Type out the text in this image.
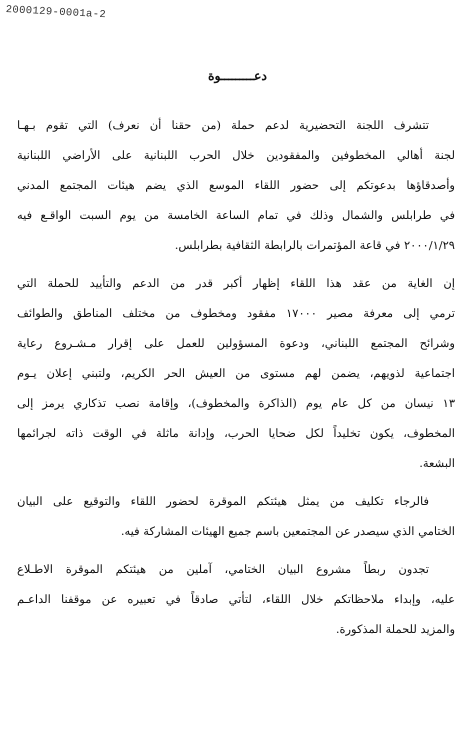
2000129-0001a-2
دعـــــــــوة

تتشرف اللجنة التحضيرية لدعم حملة (من حقنا أن نعرف) التي تقوم بـهـا
لجنة أهالي المخطوفين والمفقودين خلال الحرب اللبنانية على الأراضي اللبنانية
وأصدقاؤها بدعوتكم إلى حضور اللقاء الموسع الذي يضم هيئات المجتمع المدني
في طرابلس والشمال وذلك في تمام الساعة الخامسة من يوم السبت الواقـع فيه
٢٠٠٠/١/٢٩ في قاعة المؤتمرات بالرابطة الثقافية بطرابلس.

إن الغاية من عقد هذا اللقاء إظهار أكبر قدر من الدعم والتأييد للحملة التي
ترمي إلى معرفة مصير ١٧٠٠٠ مفقود ومخطوف من مختلف المناطق والطوائف
وشرائح المجتمع اللبناني، ودعوة المسؤولين للعمل على إقرار مـشـروع رعاية
اجتماعية لذويهم، يضمن لهم مستوى من العيش الحر الكريم، ولتبني إعلان يـوم
١٣ نيسان من كل عام يوم (الذاكرة والمخطوف)، وإقامة نصب تذكاري يرمز إلى
المخطوف، يكون تخليداً لكل ضحايا الحرب، وإدانة ماثلة في الوقت ذاته لجرائمها
البشعة.

فالرجاء تكليف من يمثل هيئتكم الموقرة لحضور اللقاء والتوقيع على البيان
الختامي الذي سيصدر عن المجتمعين باسم جميع الهيئات المشاركة فيه.

تجدون ربطاً مشروع البيان الختامي، آملين من هيئتكم الموقرة الاطـلاع
عليه، وإبداء ملاحظاتكم خلال اللقاء، لتأتي صادقاً في تعبيره عن موقفنا الداعـم
والمزيد للحملة المذكورة.
